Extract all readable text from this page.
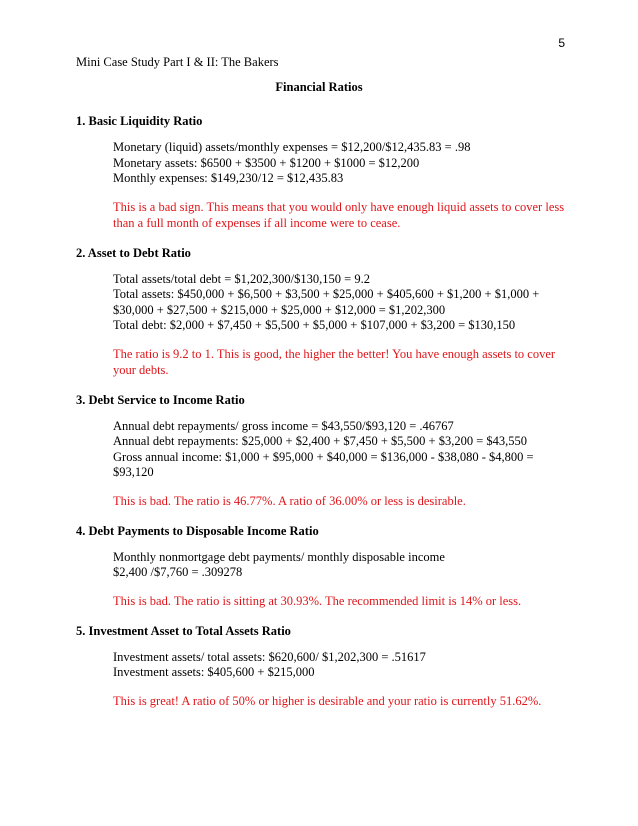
5
Mini Case Study Part I & II: The Bakers
Financial Ratios
1. Basic Liquidity Ratio

Monetary (liquid) assets/monthly expenses = $12,200/$12,435.83 = .98

Monetary assets: $6500 + $3500 + $1200 + $1000 = $12,200

Monthly expenses: $149,230/12 = $12,435.83

This is a bad sign. This means that you would only have enough liquid assets to cover less than a full month of expenses if all income were to cease.

2. Asset to Debt Ratio

Total assets/total debt = $1,202,300/$130,150 = 9.2

Total assets: $450,000 + $6,500 + $3,500 + $25,000 + $405,600 + $1,200 + $1,000 + $30,000 + $27,500 + $215,000 + $25,000 + $12,000 = $1,202,300

Total debt: $2,000 + $7,450 + $5,500 + $5,000 + $107,000 + $3,200 = $130,150

The ratio is 9.2 to 1. This is good, the higher the better! You have enough assets to cover your debts.

3. Debt Service to Income Ratio

Annual debt repayments/ gross income = $43,550/$93,120 = .46767

Annual debt repayments: $25,000 + $2,400 + $7,450 + $5,500 + $3,200 = $43,550

Gross annual income: $1,000 + $95,000 + $40,000 = $136,000 - $38,080 - $4,800 = $93,120

This is bad. The ratio is 46.77%. A ratio of 36.00% or less is desirable.

4. Debt Payments to Disposable Income Ratio

Monthly nonmortgage debt payments/ monthly disposable income

$2,400 /$7,760 = .309278

This is bad. The ratio is sitting at 30.93%. The recommended limit is 14% or less.

5. Investment Asset to Total Assets Ratio

Investment assets/ total assets: $620,600/ $1,202,300 = .51617

Investment assets: $405,600 + $215,000

This is great! A ratio of 50% or higher is desirable and your ratio is currently 51.62%.
